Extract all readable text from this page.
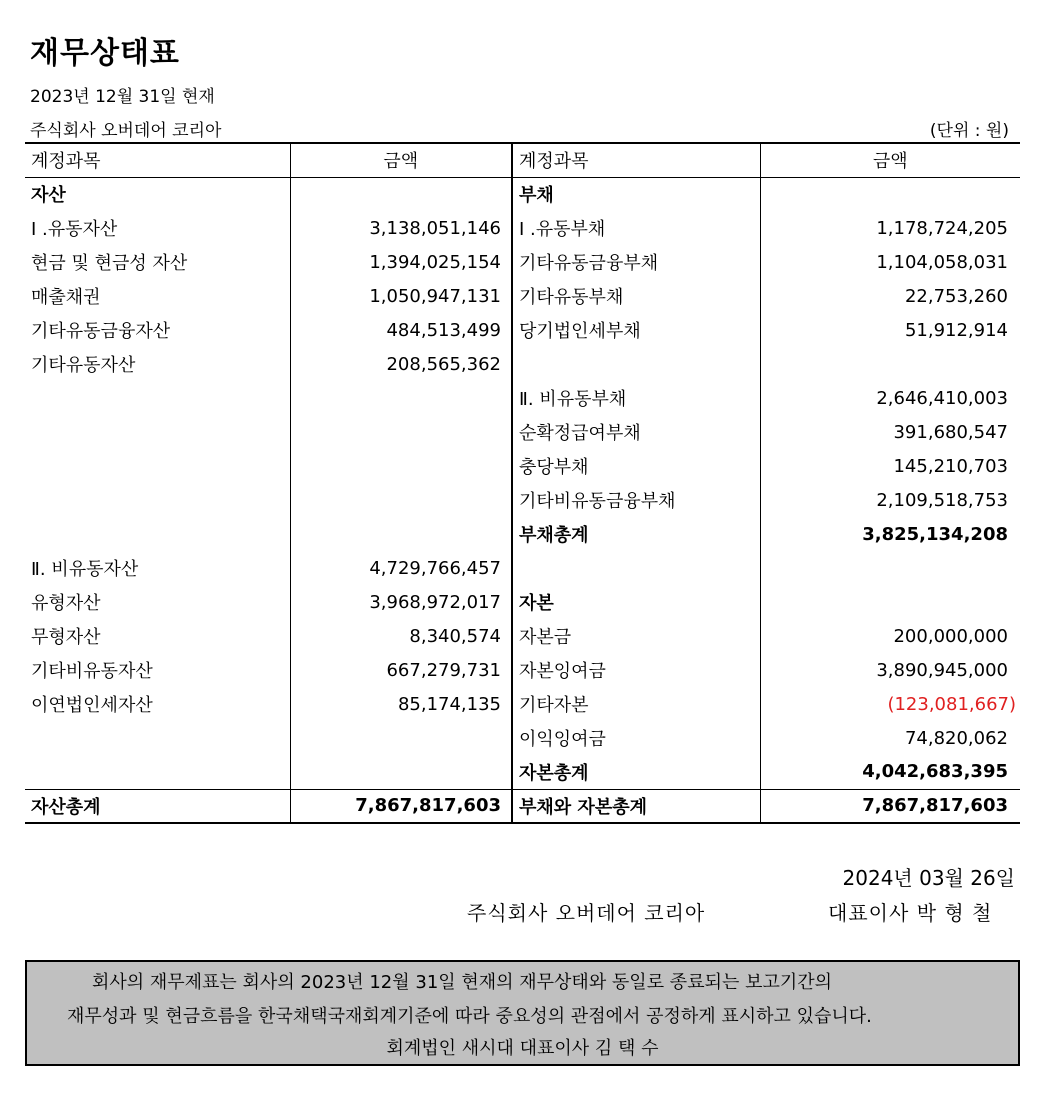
재무상태표
2023년 12월 31일 현재
주식회사 오버데어 코리아	(단위 : 원)
계정과목	금액	계정과목	금액
자산		부채	
Ⅰ .유동자산	3,138,051,146	Ⅰ .유동부채	1,178,724,205
현금 및 현금성 자산	1,394,025,154	기타유동금융부채	1,104,058,031
매출채권	1,050,947,131	기타유동부채	22,753,260
기타유동금융자산	484,513,499	당기법인세부채	51,912,914
기타유동자산	208,565,362		
		Ⅱ. 비유동부채	2,646,410,003
		순확정급여부채	391,680,547
		충당부채	145,210,703
		기타비유동금융부채	2,109,518,753
		부채총계	3,825,134,208
Ⅱ. 비유동자산	4,729,766,457		
유형자산	3,968,972,017	자본	
무형자산	8,340,574	자본금	200,000,000
기타비유동자산	667,279,731	자본잉여금	3,890,945,000
이연법인세자산	85,174,135	기타자본	(123,081,667)
		이익잉여금	74,820,062
		자본총계	4,042,683,395
자산총계	7,867,817,603	부채와 자본총계	7,867,817,603
2024년 03월 26일
주식회사 오버데어 코리아	대표이사 박 형 철
회사의 재무제표는 회사의 2023년 12월 31일 현재의 재무상태와 동일로 종료되는 보고기간의
재무성과 및 현금흐름을 한국채택국재회계기준에 따라 중요성의 관점에서 공정하게 표시하고 있습니다.
회계법인 새시대 대표이사 김 택 수
